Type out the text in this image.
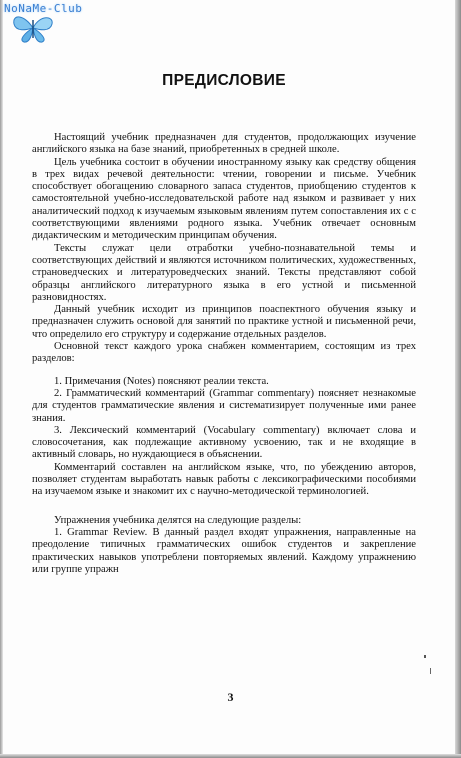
NoNaMe-Club
ПРЕДИСЛОВИЕ

Настоящий учебник предназначен для студентов, продолжающих изучение английского языка на базе знаний, приобретенных в средней школе.

Цель учебника состоит в обучении иностранному языку как средству общения в трех видах речевой деятельности: чтении, говорении и письме. Учебник способствует обогащению словарного запаса студентов, приобщению студентов к самостоятельной учебно-исследовательской работе над языком и развивает у них аналитический подход к изучаемым языковым явлениям путем сопоставления их с с соответствующими явлениями родного языка. Учебник отвечает основным дидактическим и методическим принципам обучения.

Тексты служат цели отработки учебно-познавательной темы и соответствующих действий и являются источником политических, художественных, страноведческих и литературоведческих знаний. Тексты представляют собой образцы английского литературного языка в его устной и письменной разновидностях.

Данный учебник исходит из принципов поаспектного обучения языку и предназначен служить основой для занятий по практике устной и письменной речи, что определило его структуру и содержание отдельных разделов.

Основной текст каждого урока снабжен комментарием, состоящим из трех разделов:

1. Примечания (Notes) поясняют реалии текста.

2. Грамматический комментарий (Grammar commentary) поясняет незнакомые для студентов грамматические явления и систематизирует полученные ими ранее знания.

3. Лексический комментарий (Vocabulary commentary) включает слова и словосочетания, как подлежащие активному усвоению, так и не входящие в активный словарь, но нуждающиеся в объяснении.

Комментарий составлен на английском языке, что, по убеждению авторов, позволяет студентам выработать навык работы с лексикографическими пособиями на изучаемом языке и знакомит их с научно-методической терминологией.

Упражнения учебника делятся на следующие разделы:

1. Grammar Review. В данный раздел входят упражнения, направленные на преодоление типичных грамматических ошибок студентов и закрепление практических навыков употреблени повторяемых явлений. Каждому упражнению или группе упражн

3
